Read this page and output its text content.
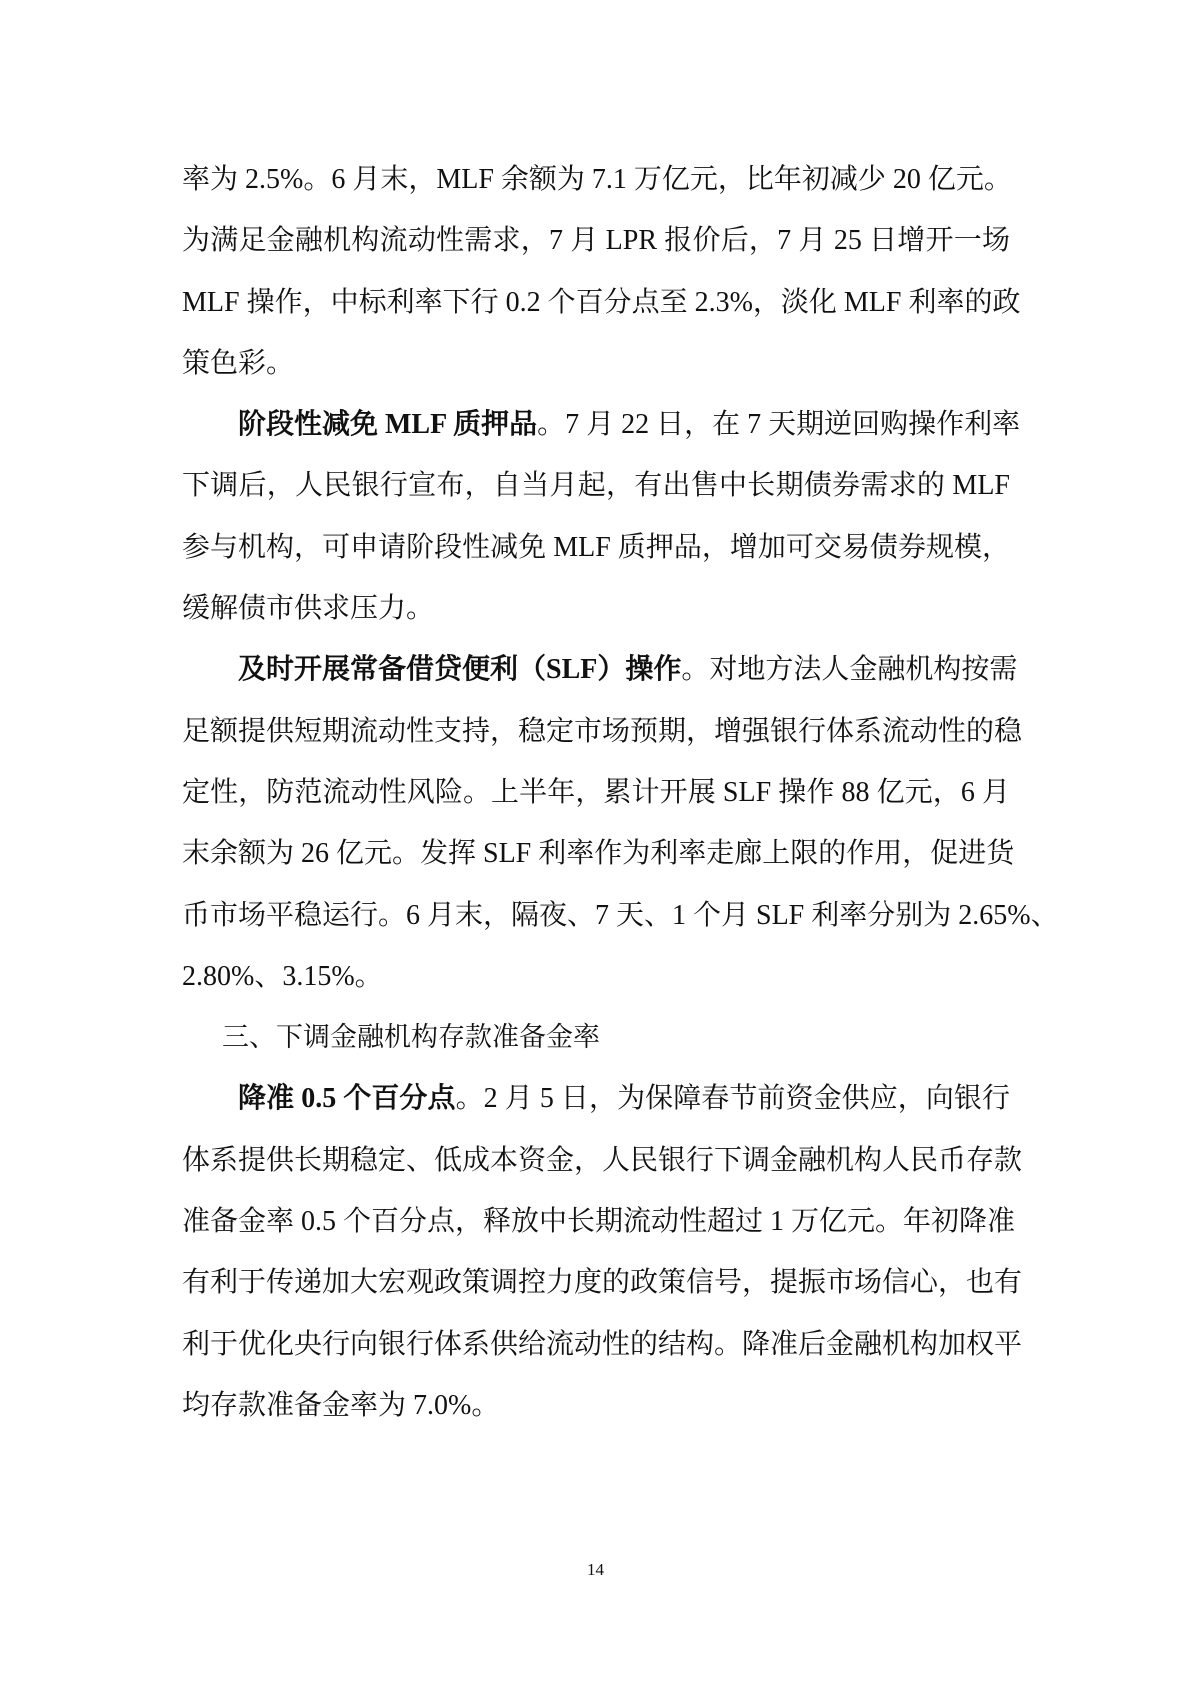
率为 2.5%。6 月末，MLF 余额为 7.1 万亿元，比年初减少 20 亿元。
为满足金融机构流动性需求，7 月 LPR 报价后，7 月 25 日增开一场
MLF 操作，中标利率下行 0.2 个百分点至 2.3%，淡化 MLF 利率的政
策色彩。
阶段性减免 MLF 质押品。7 月 22 日，在 7 天期逆回购操作利率
下调后，人民银行宣布，自当月起，有出售中长期债券需求的 MLF
参与机构，可申请阶段性减免 MLF 质押品，增加可交易债券规模，
缓解债市供求压力。
及时开展常备借贷便利（SLF）操作。对地方法人金融机构按需
足额提供短期流动性支持，稳定市场预期，增强银行体系流动性的稳
定性，防范流动性风险。上半年，累计开展 SLF 操作 88 亿元，6 月
末余额为 26 亿元。发挥 SLF 利率作为利率走廊上限的作用，促进货
币市场平稳运行。6 月末，隔夜、7 天、1 个月 SLF 利率分别为 2.65%、
2.80%、3.15%。
三、下调金融机构存款准备金率
降准 0.5 个百分点。2 月 5 日，为保障春节前资金供应，向银行
体系提供长期稳定、低成本资金，人民银行下调金融机构人民币存款
准备金率 0.5 个百分点，释放中长期流动性超过 1 万亿元。年初降准
有利于传递加大宏观政策调控力度的政策信号，提振市场信心，也有
利于优化央行向银行体系供给流动性的结构。降准后金融机构加权平
均存款准备金率为 7.0%。
14
